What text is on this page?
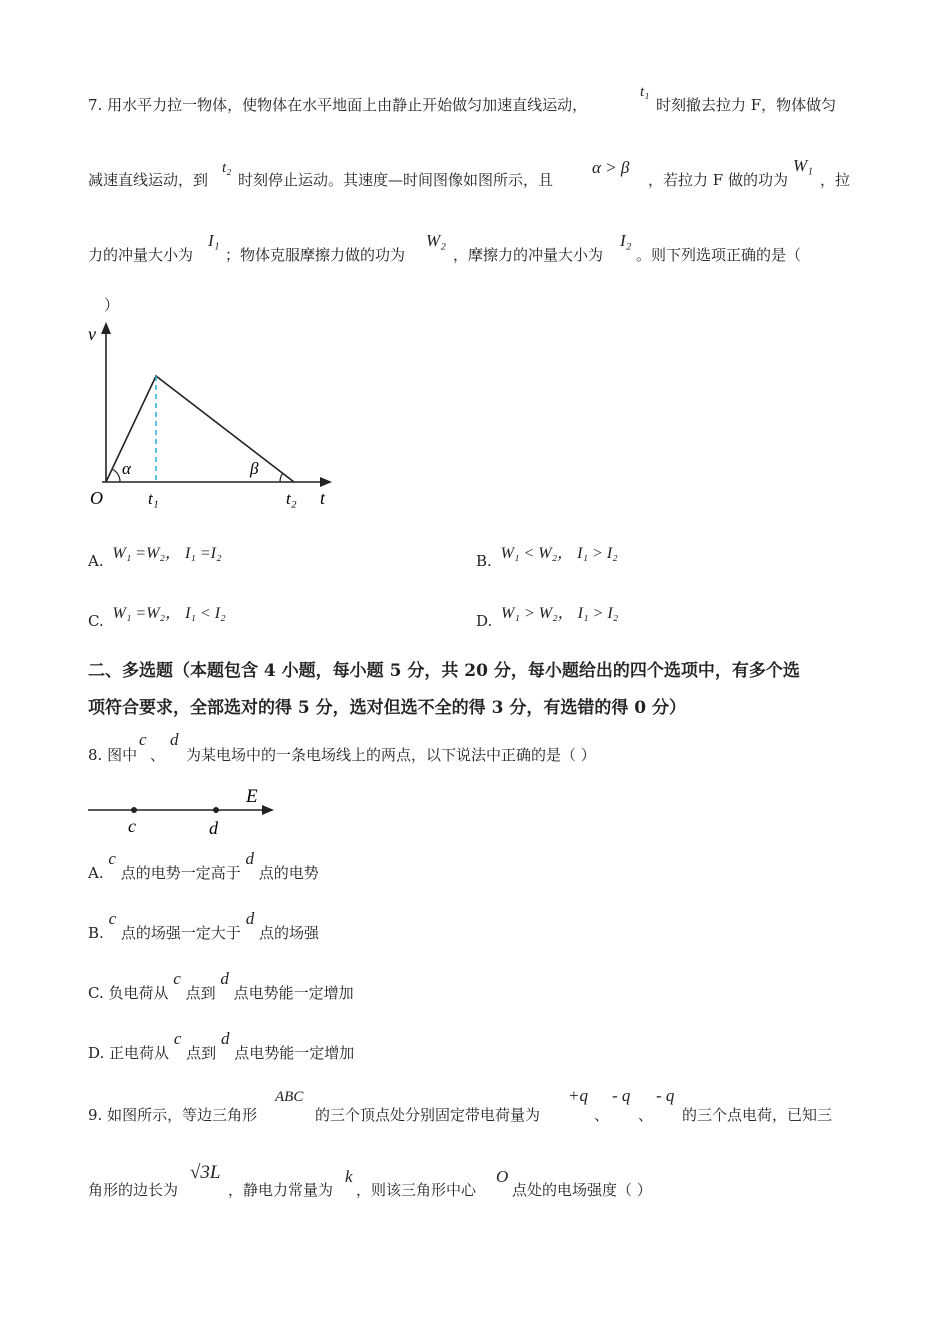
7. 用水平力拉一物体，使物体在水平地面上由静止开始做匀加速直线运动，
t₁
时刻撤去拉力 F，物体做匀
减速直线运动，到
t₂
时刻停止运动。其速度—时间图像如图所示，且
α > β
，若拉力 F 做的功为
W₁
，拉
力的冲量大小为
I₁
；物体克服摩擦力做的功为
W₂
，摩擦力的冲量大小为
I₂
。则下列选项正确的是（
）
v
t
O	t₁	t₂
α	β
A. W₁ =W₂， I₁ =I₂	B. W₁ < W₂， I₁ > I₂
C. W₁ =W₂， I₁ < I₂	D. W₁ > W₂， I₁ > I₂
二、多选题（本题包含 4 小题，每小题 5 分，共 20 分，每小题给出的四个选项中，有多个选
项符合要求，全部选对的得 5 分，选对但选不全的得 3 分，有选错的得 0 分）
8. 图中
c
、
d
为某电场中的一条电场线上的两点，以下说法中正确的是（ ）
E
c	d
A. c 点的电势一定高于 d 点的电势
B. c 点的场强一定大于 d 点的场强
C. 负电荷从 c 点到 d 点电势能一定增加
D. 正电荷从 c 点到 d 点电势能一定增加
9. 如图所示，等边三角形
ABC
的三个顶点处分别固定带电荷量为
+q
、
- q
、
- q
的三个点电荷，已知三
角形的边长为
√3L
，静电力常量为
k
，则该三角形中心
O
点处的电场强度（ ）
